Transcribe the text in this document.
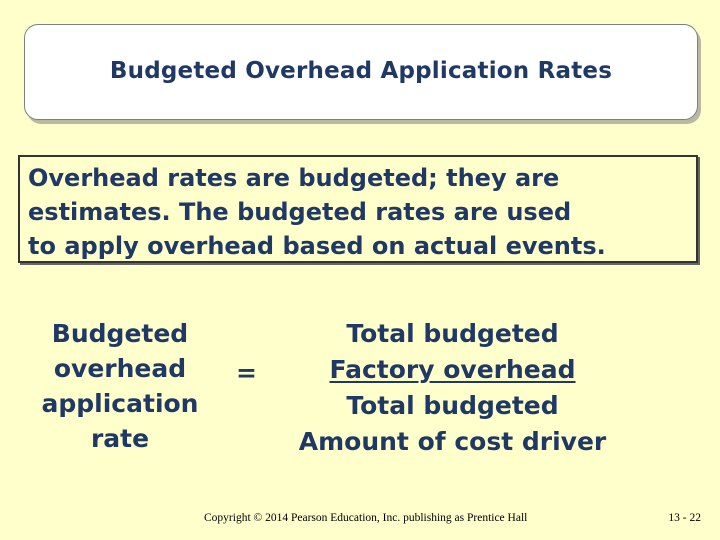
Budgeted Overhead Application Rates
Overhead rates are budgeted; they are
estimates. The budgeted rates are used
to apply overhead based on actual events.
Budgeted
overhead
application
rate
=
Total budgeted
Factory overhead
Total budgeted
Amount of cost driver
Copyright © 2014 Pearson Education, Inc. publishing as Prentice Hall	13 - 22
